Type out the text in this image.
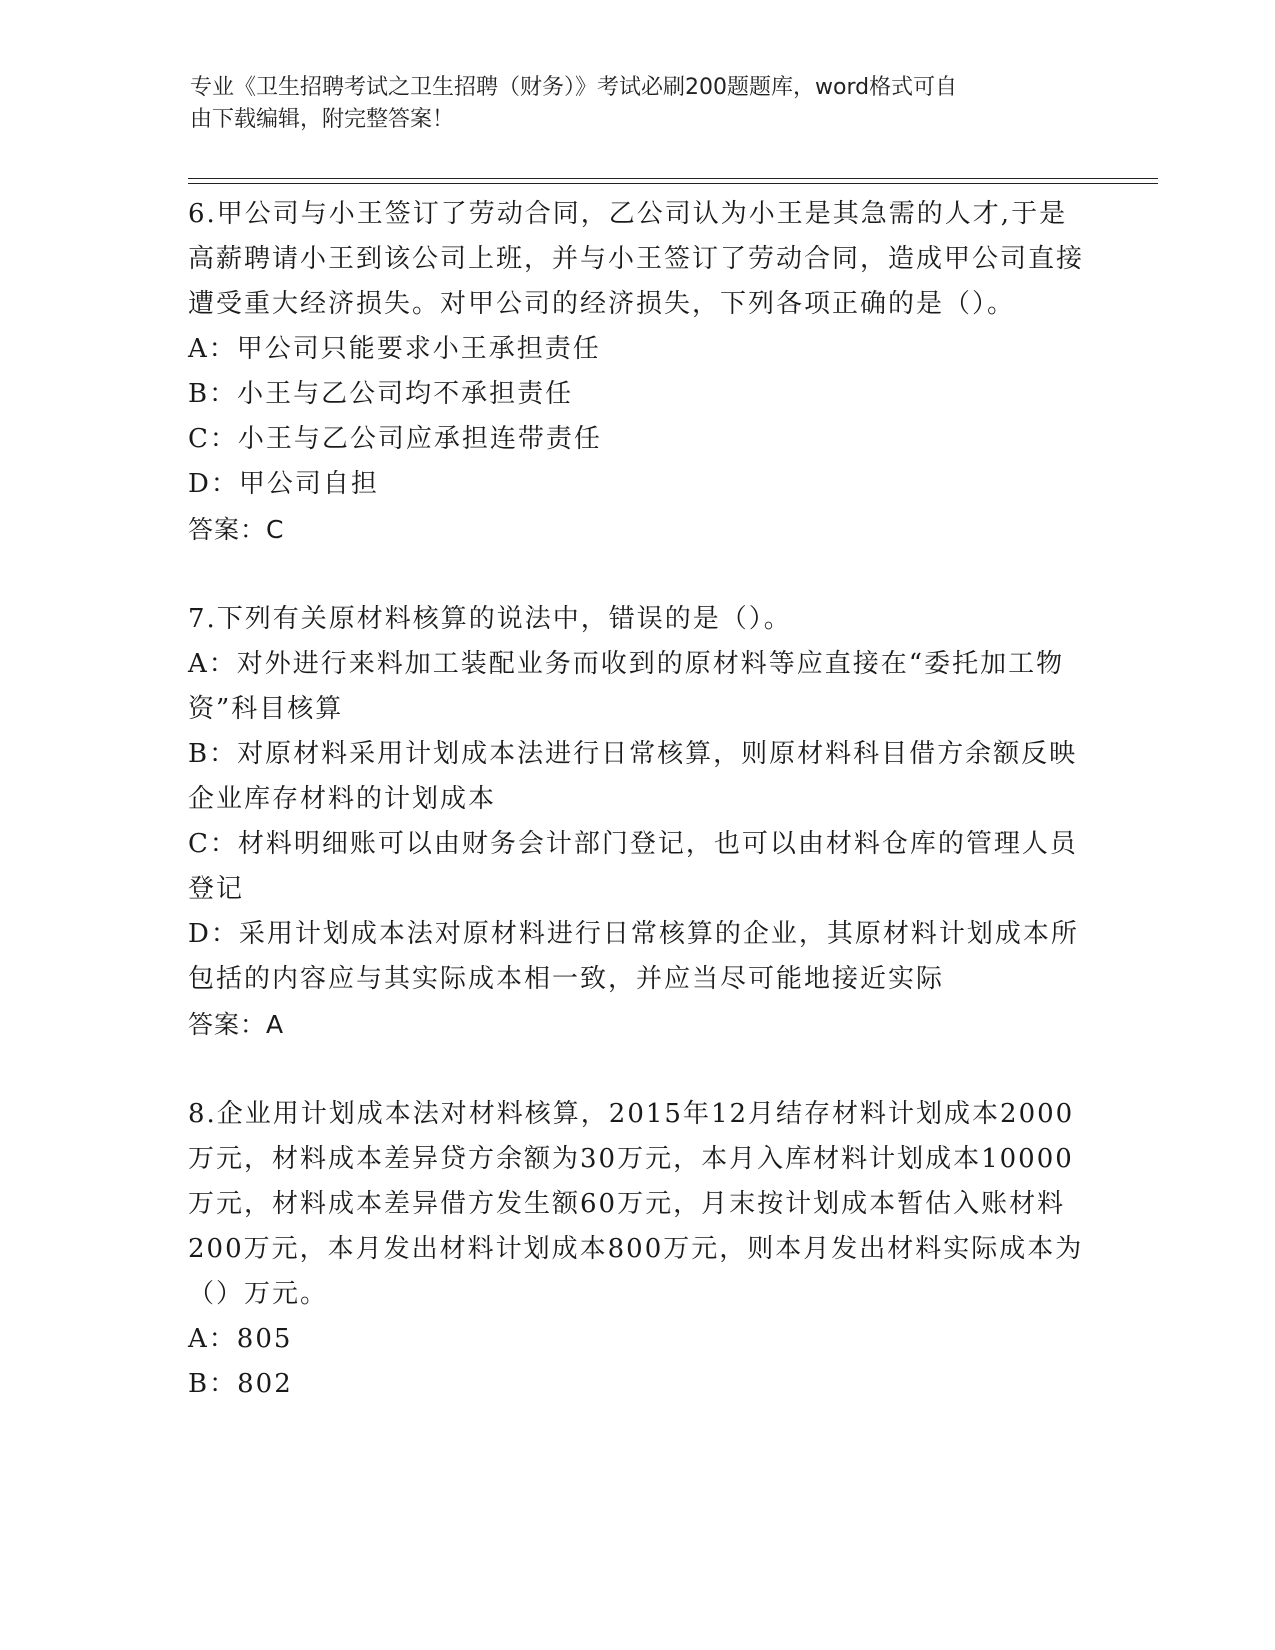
专业《卫生招聘考试之卫生招聘（财务）》考试必刷200题题库，word格式可自
由下载编辑，附完整答案！

6.甲公司与小王签订了劳动合同，乙公司认为小王是其急需的人才,于是高薪聘请小王到该公司上班，并与小王签订了劳动合同，造成甲公司直接遭受重大经济损失。对甲公司的经济损失，下列各项正确的是（）。

A：甲公司只能要求小王承担责任

B：小王与乙公司均不承担责任

C：小王与乙公司应承担连带责任

D：甲公司自担

答案：C

7.下列有关原材料核算的说法中，错误的是（）。

A：对外进行来料加工装配业务而收到的原材料等应直接在“委托加工物资”科目核算

B：对原材料采用计划成本法进行日常核算，则原材料科目借方余额反映企业库存材料的计划成本

C：材料明细账可以由财务会计部门登记，也可以由材料仓库的管理人员登记

D：采用计划成本法对原材料进行日常核算的企业，其原材料计划成本所包括的内容应与其实际成本相一致，并应当尽可能地接近实际

答案：A

8.企业用计划成本法对材料核算，2015年12月结存材料计划成本2000万元，材料成本差异贷方余额为30万元，本月入库材料计划成本10000万元，材料成本差异借方发生额60万元，月末按计划成本暂估入账材料200万元，本月发出材料计划成本800万元，则本月发出材料实际成本为（）万元。

A：805

B：802
